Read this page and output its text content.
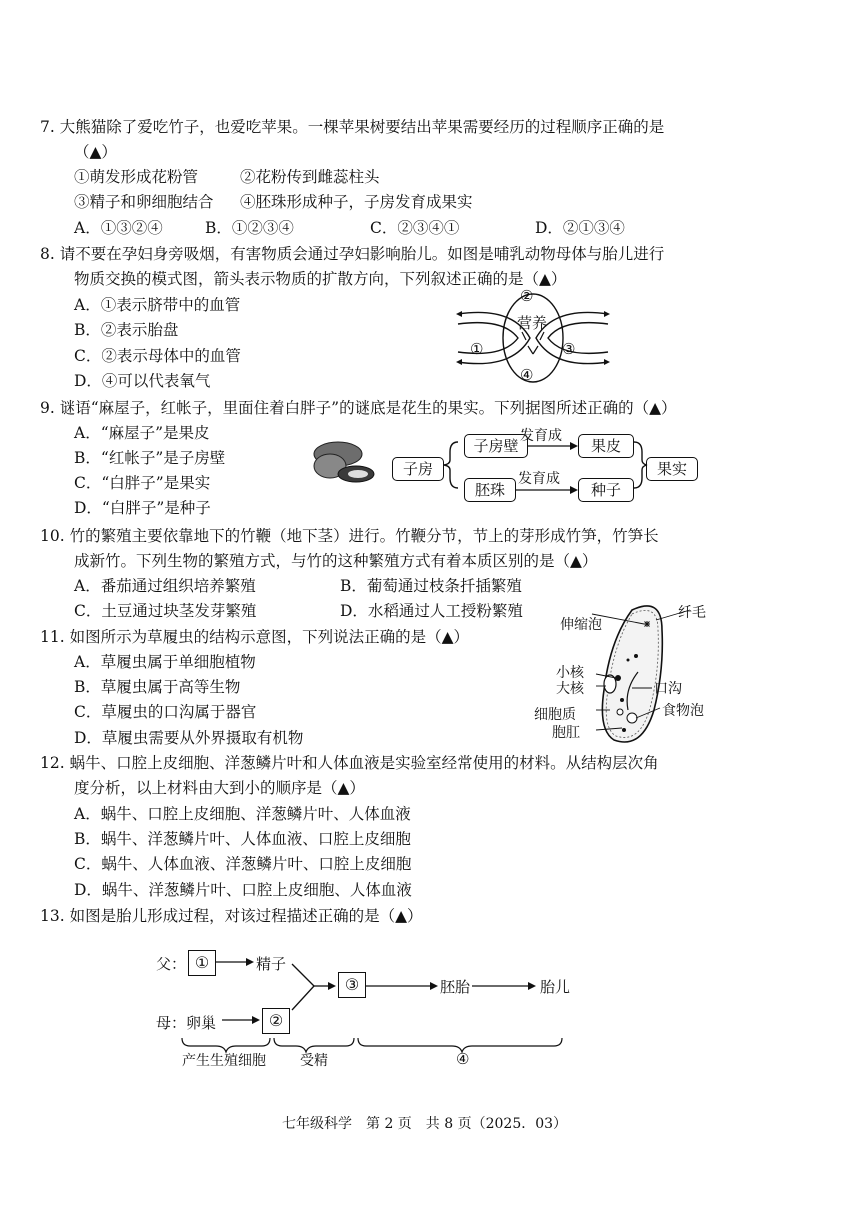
7. 大熊猫除了爱吃竹子，也爱吃苹果。一棵苹果树要结出苹果需要经历的过程顺序正确的是
（▲）
①萌发形成花粉管	②花粉传到雌蕊柱头
③精子和卵细胞结合 ④胚珠形成种子，子房发育成果实
A．①③②④	B．①②③④	C．②③④①	D．②①③④
8. 请不要在孕妇身旁吸烟，有害物质会通过孕妇影响胎儿。如图是哺乳动物母体与胎儿进行
物质交换的模式图，箭头表示物质的扩散方向，下列叙述正确的是（▲）
A．①表示脐带中的血管
B．②表示胎盘
C．②表示母体中的血管
D．④可以代表氧气
②
营养
①	③
④
9. 谜语“麻屋子，红帐子，里面住着白胖子”的谜底是花生的果实。下列据图所述正确的（▲）
A．“麻屋子”是果皮
B．“红帐子”是子房壁
C．“白胖子”是果实
D．“白胖子”是种子
子房
子房壁
胚珠
果皮
种子
果实
发育成
发育成
10. 竹的繁殖主要依靠地下的竹鞭（地下茎）进行。竹鞭分节，节上的芽形成竹笋，竹笋长
成新竹。下列生物的繁殖方式，与竹的这种繁殖方式有着本质区别的是（▲）
A．番茄通过组织培养繁殖	B．葡萄通过枝条扦插繁殖
C．土豆通过块茎发芽繁殖	D．水稻通过人工授粉繁殖
11. 如图所示为草履虫的结构示意图，下列说法正确的是（▲）
A．草履虫属于单细胞植物
B．草履虫属于高等生物
C．草履虫的口沟属于器官
D．草履虫需要从外界摄取有机物
伸缩泡
纤毛
小核
大核	口沟
细胞质	食物泡
胞肛
12. 蜗牛、口腔上皮细胞、洋葱鳞片叶和人体血液是实验室经常使用的材料。从结构层次角
度分析，以上材料由大到小的顺序是（▲）
A．蜗牛、口腔上皮细胞、洋葱鳞片叶、人体血液
B．蜗牛、洋葱鳞片叶、人体血液、口腔上皮细胞
C．蜗牛、人体血液、洋葱鳞片叶、口腔上皮细胞
D．蜗牛、洋葱鳞片叶、口腔上皮细胞、人体血液
13. 如图是胎儿形成过程，对该过程描述正确的是（▲）
父：
母：
①	精子
卵巢	②
③	胚胎	胎儿
产生生殖细胞 受精	④
七年级科学　第 2 页　共 8 页（2025．03）
